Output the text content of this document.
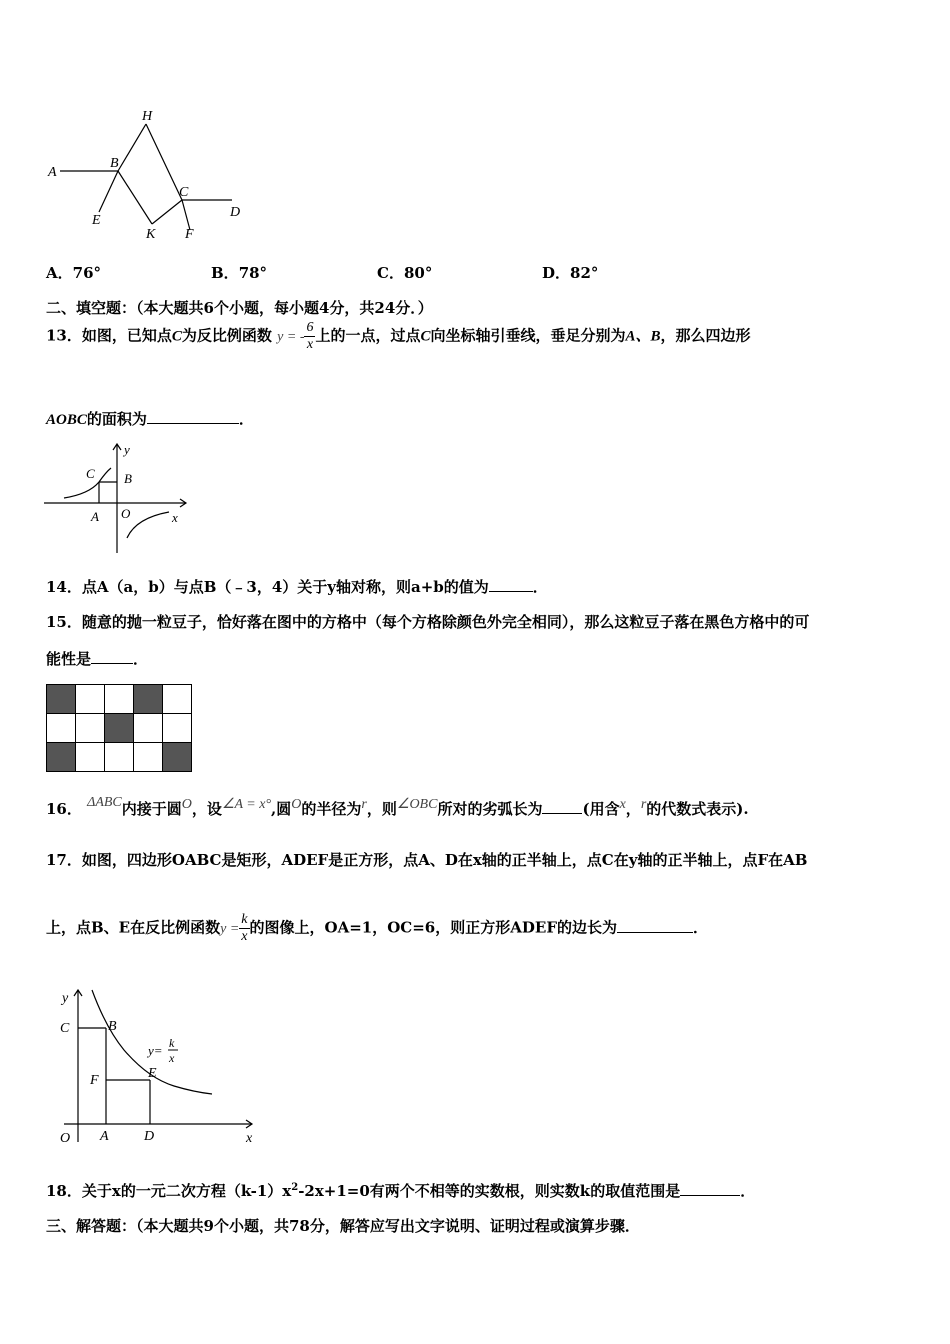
H
A
B
C
D
E
K F
A．76°	B．78°	C．80°	D．82°
二、填空题：（本大题共6个小题，每小题4分，共24分．）
13．如图，已知点C为反比例函数 y = - $\frac{6}{x}$ 上的一点，过点C向坐标轴引垂线，垂足分别为A、B，那么四边形
AOBC的面积为	．
y
C B
A O	x
14．点A（a，b）与点B（﹣3，4）关于y轴对称，则a+b的值为	．
15．随意的抛一粒豆子，恰好落在图中的方格中（每个方格除颜色外完全相同），那么这粒豆子落在黑色方格中的可
能性是	．

16． ΔABC内接于圆O，设∠A = x°,圆O的半径为r，则∠OBC所对的劣弧长为	(用含x，r的代数式表示).
17．如图，四边形OABC是矩形，ADEF是正方形，点A、D在x轴的正半轴上，点C在y轴的正半轴上，点F在AB
上，点B、E在反比例函数$y = \frac{k}{x}$ 的图像上，OA=1，OC=6，则正方形ADEF的边长为	．
y
C	B
y= k
x
F	E
O A	D	x
18．关于x的一元二次方程$(k-1)x^2-2x+1=0$有两个不相等的实数根，则实数k的取值范围是	．
三、解答题：（本大题共9个小题，共78分，解答应写出文字说明、证明过程或演算步骤．
